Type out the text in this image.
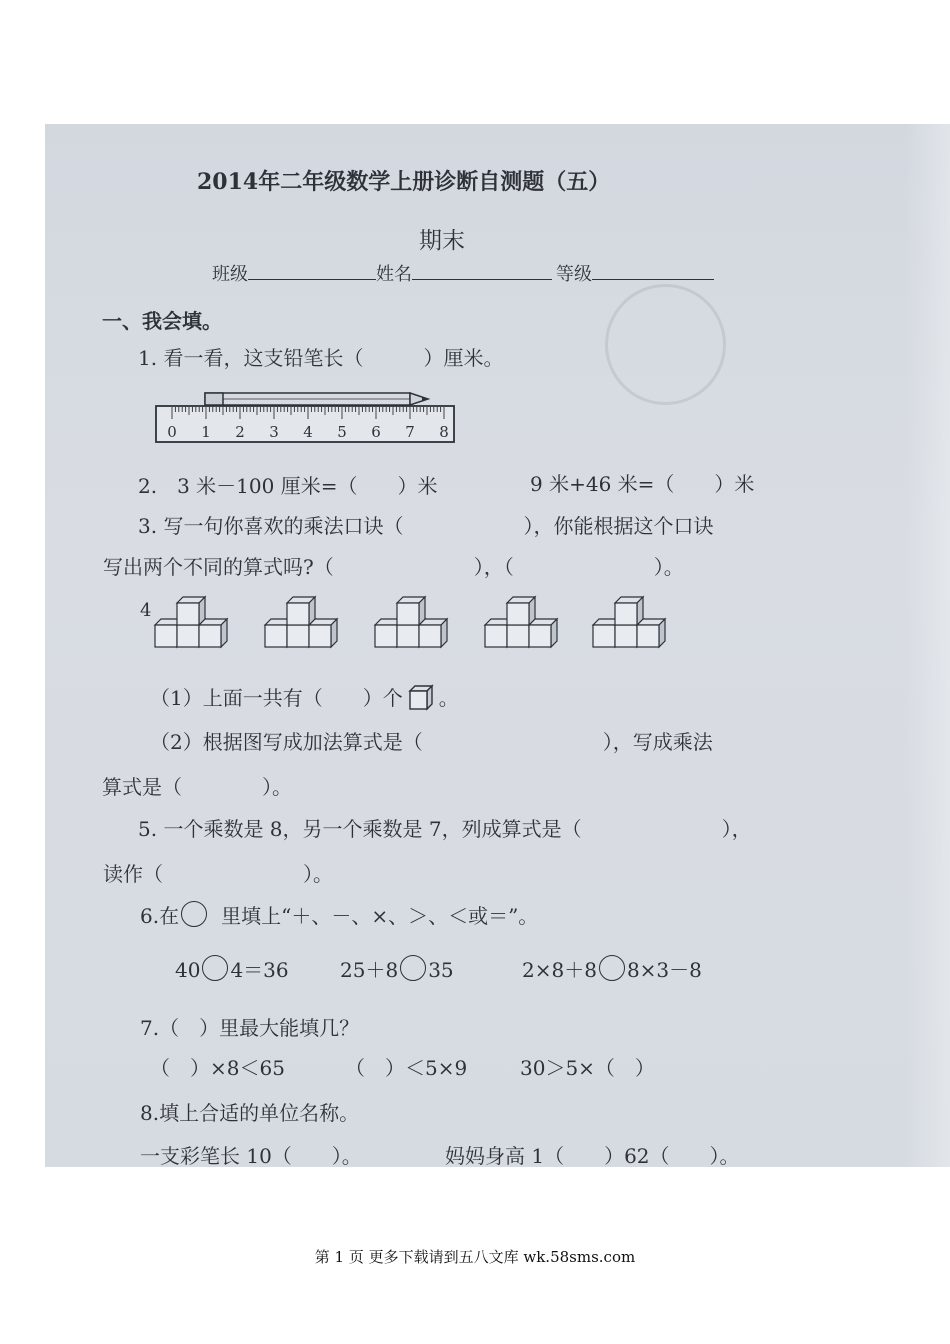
2014年二年级数学上册诊断自测题（五）
期末
班级	姓名	等级
一、我会填。
1. 看一看，这支铅笔长（　　　）厘米。
0 1 2 3 4 5 6 7 8
2.　3 米－100 厘米=（　　）米	9 米+46 米=（　　）米
3. 写一句你喜欢的乘法口诀（　　　　　　），你能根据这个口诀
写出两个不同的算式吗?（　　　　　　　），（　　　　　　　）。
4
（1）上面一共有（　　）个 。
（2）根据图写成加法算式是（　　　　　　　　　），写成乘法
算式是（　　　　）。
5. 一个乘数是 8，另一个乘数是 7，列成算式是（　　　　　　　），
读作（　　　　　　　）。
6.在 里填上“＋、－、×、＞、＜或＝”。
40 4＝36	25＋8 35	2×8＋8 8×3－8
7.（　）里最大能填几？
（　）×8＜65	（　）＜5×9	30＞5×（　）
8.填上合适的单位名称。
一支彩笔长 10（　　）。	妈妈身高 1（　　）62（　　）。
第 1 页 更多下载请到五八文库 wk.58sms.com
